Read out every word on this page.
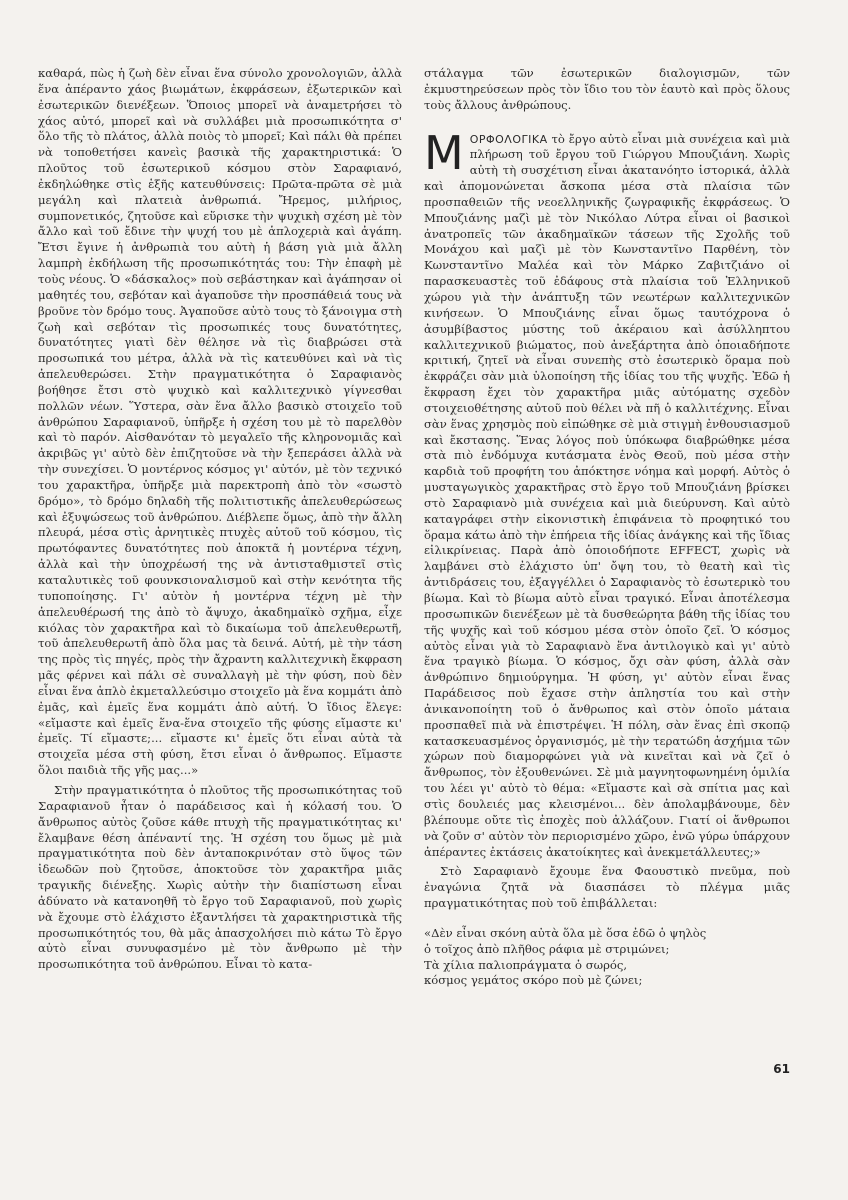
καθαρά, πὼς ἡ ζωὴ δὲν εἶναι ἕνα σύνολο χρονολογιῶν, ἀλλὰ ἕνα ἀπέραντο χάος βιωμάτων, ἐκφράσεων, ἐξωτερικῶν καὶ ἐσωτερικῶν διενέξεων. Ὅποιος μπορεῖ νὰ ἀναμετρήσει τὸ χάος αὐτό, μπορεῖ καὶ νὰ συλλάβει μιὰ προσωπικότητα σ' ὅλο τῆς τὸ πλάτος, ἀλλὰ ποιὸς τὸ μπορεῖ; Καὶ πάλι θὰ πρέπει νὰ τοποθετήσει κανεὶς βασικὰ τῆς χαρακτηριστικά: Ὁ πλοῦτος τοῦ ἐσωτερικοῦ κόσμου στὸν Σαραφιανό, ἐκδηλώθηκε στὶς ἑξῆς κατευθύνσεις: Πρῶτα-πρῶτα σὲ μιὰ μεγάλη καὶ πλατειὰ ἀνθρωπιά. Ἤρεμος, μιλήριος, συμπονετικός, ζητοῦσε καὶ εὕρισκε τὴν ψυχικὴ σχέση μὲ τὸν ἄλλο καὶ τοῦ ἔδινε τὴν ψυχή του μὲ ἁπλοχεριὰ καὶ ἀγάπη. Ἔτσι ἔγινε ἡ ἀνθρωπιὰ του αὐτὴ ἡ βάση γιὰ μιὰ ἄλλη λαμπρὴ ἐκδήλωση τῆς προσωπικότητάς του: Τὴν ἐπαφὴ μὲ τοὺς νέους. Ὁ «δάσκαλος» ποὺ σεβάστηκαν καὶ ἀγάπησαν οἱ μαθητές του, σεβόταν καὶ ἀγαποῦσε τὴν προσπάθειά τους νὰ βροῦνε τὸν δρόμο τους. Ἀγαποῦσε αὐτὸ τους τὸ ξάνοιγμα στὴ ζωὴ καὶ σεβόταν τὶς προσωπικές τους δυνατότητες, δυνατότητες γιατὶ δὲν θέλησε νὰ τὶς διαβρώσει στὰ προσωπικά του μέτρα, ἀλλὰ νὰ τὶς κατευθύνει καὶ νὰ τὶς ἀπελευθερώσει. Στὴν πραγματικότητα ὁ Σαραφιανὸς βοήθησε ἔτσι στὸ ψυχικὸ καὶ καλλιτεχνικὸ γίγνεσθαι πολλῶν νέων. Ὕστερα, σὰν ἕνα ἄλλο βασικὸ στοιχεῖο τοῦ ἀνθρώπου Σαραφιανοῦ, ὑπῆρξε ἡ σχέση του μὲ τὸ παρελθὸν καὶ τὸ παρόν. Αἰσθανόταν τὸ μεγαλεῖο τῆς κληρονομιᾶς καὶ ἀκριβῶς γι' αὐτὸ δὲν ἐπιζητοῦσε νὰ τὴν ξεπεράσει ἀλλὰ νὰ τὴν συνεχίσει. Ὁ μοντέρνος κόσμος γι' αὐτόν, μὲ τὸν τεχνικό του χαρακτῆρα, ὑπῆρξε μιὰ παρεκτροπὴ ἀπὸ τὸν «σωστὸ δρόμο», τὸ δρόμο δηλαδὴ τῆς πολιτιστικῆς ἀπελευθερώσεως καὶ ἐξυψώσεως τοῦ ἀνθρώπου. Διέβλεπε ὅμως, ἀπὸ τὴν ἄλλη πλευρά, μέσα στὶς ἀρνητικὲς πτυχὲς αὐτοῦ τοῦ κόσμου, τὶς πρωτόφαντες δυνατότητες ποὺ ἀποκτᾶ ἡ μοντέρνα τέχνη, ἀλλὰ καὶ τὴν ὑποχρέωσή της νὰ ἀντισταθμιστεῖ στὶς καταλυτικὲς τοῦ φουνκσιοναλισμοῦ καὶ στὴν κενότητα τῆς τυποποίησης. Γι' αὐτὸν ἡ μοντέρνα τέχνη μὲ τὴν ἀπελευθέρωσή της ἀπὸ τὸ ἄψυχο, ἀκαδημαϊκὸ σχῆμα, εἶχε κιόλας τὸν χαρακτῆρα καὶ τὸ δικαίωμα τοῦ ἀπελευθερωτῆ, τοῦ ἀπελευθερωτῆ ἀπὸ ὅλα μας τὰ δεινά. Αὐτή, μὲ τὴν τάση της πρὸς τὶς πηγές, πρὸς τὴν ἄχραντη καλλιτεχνικὴ ἔκφραση μᾶς φέρνει καὶ πάλι σὲ συναλλαγὴ μὲ τὴν φύση, ποὺ δὲν εἶναι ἕνα ἁπλὸ ἐκμεταλλεύσιμο στοιχεῖο μὰ ἕνα κομμάτι ἀπὸ ἐμᾶς, καὶ ἐμεῖς ἕνα κομμάτι ἀπὸ αὐτή. Ὁ ἴδιος ἔλεγε: «εἴμαστε καὶ ἐμεῖς ἕνα-ἕνα στοιχεῖο τῆς φύσης εἴμαστε κι' ἐμεῖς. Τί εἴμαστε;... εἴμαστε κι' ἐμεῖς ὅτι εἶναι αὐτὰ τὰ στοιχεῖα μέσα στὴ φύση, ἔτσι εἶναι ὁ ἄνθρωπος. Εἴμαστε ὅλοι παιδιὰ τῆς γῆς μας...»

Στὴν πραγματικότητα ὁ πλοῦτος τῆς προσωπικότητας τοῦ Σαραφιανοῦ ἦταν ὁ παράδεισος καὶ ἡ κόλασή του. Ὁ ἄνθρωπος αὐτὸς ζοῦσε κάθε πτυχὴ τῆς πραγματικότητας κι' ἔλαμβανε θέση ἀπέναντί της. Ἡ σχέση του ὅμως μὲ μιὰ πραγματικότητα ποὺ δὲν ἀνταποκρινόταν στὸ ὕψος τῶν ἰδεωδῶν ποὺ ζητοῦσε, ἀποκτοῦσε τὸν χαρακτῆρα μιᾶς τραγικῆς διένεξης. Χωρὶς αὐτὴν τὴν διαπίστωση εἶναι ἀδύνατο νὰ κατανοηθῆ τὸ ἔργο τοῦ Σαραφιανοῦ, ποὺ χωρὶς νὰ ἔχουμε στὸ ἐλάχιστο ἐξαντλήσει τὰ χαρακτηριστικὰ τῆς προσωπικότητός του, θὰ μᾶς ἀπασχολήσει πιὸ κάτω Τὸ ἔργο αὐτὸ εἶναι συνυφασμένο μὲ τὸν ἄνθρωπο μὲ τὴν προσωπικότητα τοῦ ἀνθρώπου. Εἶναι τὸ κατα-

στάλαγμα τῶν ἐσωτερικῶν διαλογισμῶν, τῶν ἐκμυστηρεύσεων πρὸς τὸν ἴδιο του τὸν ἑαυτὸ καὶ πρὸς ὅλους τοὺς ἄλλους ἀνθρώπους.

ΜΟΡΦΟΛΟΓΙΚΑ τὸ ἔργο αὐτὸ εἶναι μιὰ συνέχεια καὶ μιὰ πλήρωση τοῦ ἔργου τοῦ Γιώργου Μπουζιάνη. Χωρὶς αὐτὴ τὴ συσχέτιση εἶναι ἀκατανόητο ἱστορικά, ἀλλὰ καὶ ἀπομονώνεται ἄσκοπα μέσα στὰ πλαίσια τῶν προσπαθειῶν τῆς νεοελληνικῆς ζωγραφικῆς ἐκφράσεως. Ὁ Μπουζιάνης μαζὶ μὲ τὸν Νικόλαο Λύτρα εἶναι οἱ βασικοὶ ἀνατροπεῖς τῶν ἀκαδημαϊκῶν τάσεων τῆς Σχολῆς τοῦ Μονάχου καὶ μαζὶ μὲ τὸν Κωνσταντῖνο Παρθένη, τὸν Κωνσταντῖνο Μαλέα καὶ τὸν Μάρκο Ζαβιτζιάνο οἱ παρασκευαστὲς τοῦ ἐδάφους στὰ πλαίσια τοῦ Ἑλληνικοῦ χώρου γιὰ τὴν ἀνάπτυξη τῶν νεωτέρων καλλιτεχνικῶν κινήσεων. Ὁ Μπουζιάνης εἶναι ὅμως ταυτόχρονα ὁ ἀσυμβίβαστος μύστης τοῦ ἀκέραιου καὶ ἀσύλληπτου καλλιτεχνικοῦ βιώματος, ποὺ ἀνεξάρτητα ἀπὸ ὁποιαδήποτε κριτική, ζητεῖ νὰ εἶναι συνεπὴς στὸ ἐσωτερικὸ ὅραμα ποὺ ἐκφράζει σὰν μιὰ ὑλοποίηση τῆς ἰδίας του τῆς ψυχῆς. Ἐδῶ ἡ ἔκφραση ἔχει τὸν χαρακτῆρα μιᾶς αὐτόματης σχεδὸν στοιχειοθέτησης αὐτοῦ ποὺ θέλει νὰ πῆ ὁ καλλιτέχνης. Εἶναι σὰν ἕνας χρησμὸς ποὺ εἰπώθηκε σὲ μιὰ στιγμὴ ἐνθουσιασμοῦ καὶ ἔκστασης. Ἕνας λόγος ποὺ ὑπόκωφα διαβρώθηκε μέσα στὰ πιὸ ἐνδόμυχα κυτάσματα ἑνὸς Θεοῦ, ποὺ μέσα στὴν καρδιὰ τοῦ προφήτη του ἀπόκτησε νόημα καὶ μορφή. Αὐτὸς ὁ μυσταγωγικὸς χαρακτῆρας στὸ ἔργο τοῦ Μπουζιάνη βρίσκει στὸ Σαραφιανὸ μιὰ συνέχεια καὶ μιὰ διεύρυνση. Καὶ αὐτὸ καταγράφει στὴν εἰκονιστικὴ ἐπιφάνεια τὸ προφητικό του ὅραμα κάτω ἀπὸ τὴν ἐπήρεια τῆς ἰδίας ἀνάγκης καὶ τῆς ἴδιας εἰλικρίνειας. Παρὰ ἀπὸ ὁποιοδήποτε EFFECT, χωρὶς νὰ λαμβάνει στὸ ἐλάχιστο ὑπ' ὄψη του, τὸ θεατὴ καὶ τὶς ἀντιδράσεις του, ἐξαγγέλλει ὁ Σαραφιανὸς τὸ ἐσωτερικὸ του βίωμα. Καὶ τὸ βίωμα αὐτὸ εἶναι τραγικό. Εἶναι ἀποτέλεσμα προσωπικῶν διενέξεων μὲ τὰ δυσθεώρητα βάθη τῆς ἰδίας του τῆς ψυχῆς καὶ τοῦ κόσμου μέσα στὸν ὁποῖο ζεῖ. Ὁ κόσμος αὐτὸς εἶναι γιὰ τὸ Σαραφιανὸ ἕνα ἀντιλογικὸ καὶ γι' αὐτὸ ἕνα τραγικὸ βίωμα. Ὁ κόσμος, ὄχι σὰν φύση, ἀλλὰ σὰν ἀνθρώπινο δημιούργημα. Ἡ φύση, γι' αὐτὸν εἶναι ἕνας Παράδεισος ποὺ ἔχασε στὴν ἀπληστία του καὶ στὴν ἀνικανοποίητη τοῦ ὁ ἄνθρωπος καὶ στὸν ὁποῖο μάταια προσπαθεῖ πιὰ νὰ ἐπιστρέψει. Ἡ πόλη, σὰν ἕνας ἐπὶ σκοπῷ κατασκευασμένος ὀργανισμός, μὲ τὴν τερατώδη ἀσχήμια τῶν χώρων ποὺ διαμορφώνει γιὰ νὰ κινεῖται καὶ νὰ ζεῖ ὁ ἄνθρωπος, τὸν ἐξουθενώνει. Σὲ μιὰ μαγνητοφωνημένη ὁμιλία του λέει γι' αὐτὸ τὸ θέμα: «Εἴμαστε καὶ σὰ σπίτια μας καὶ στὶς δουλειές μας κλεισμένοι... δὲν ἀπολαμβάνουμε, δὲν βλέπουμε οὔτε τὶς ἐποχὲς ποὺ ἀλλάζουν. Γιατί οἱ ἄνθρωποι νὰ ζοῦν σ' αὐτὸν τὸν περιορισμένο χῶρο, ἐνῶ γύρω ὑπάρχουν ἀπέραντες ἐκτάσεις ἀκατοίκητες καὶ ἀνεκμετάλλευτες;»

Στὸ Σαραφιανὸ ἔχουμε ἕνα Φαουστικὸ πνεῦμα, ποὺ ἐναγώνια ζητᾶ νὰ διασπάσει τὸ πλέγμα μιᾶς πραγματικότητας ποὺ τοῦ ἐπιβάλλεται:

«Δὲν εἶναι σκόνη αὐτὰ ὅλα μὲ ὅσα ἐδῶ ὁ ψηλὸς
ὁ τοῖχος ἀπὸ πλῆθος ράφια μὲ στριμώνει;
Τὰ χίλια παλιοπράγματα ὁ σωρός,
κόσμος γεμάτος σκόρο ποὺ μὲ ζώνει;

61
